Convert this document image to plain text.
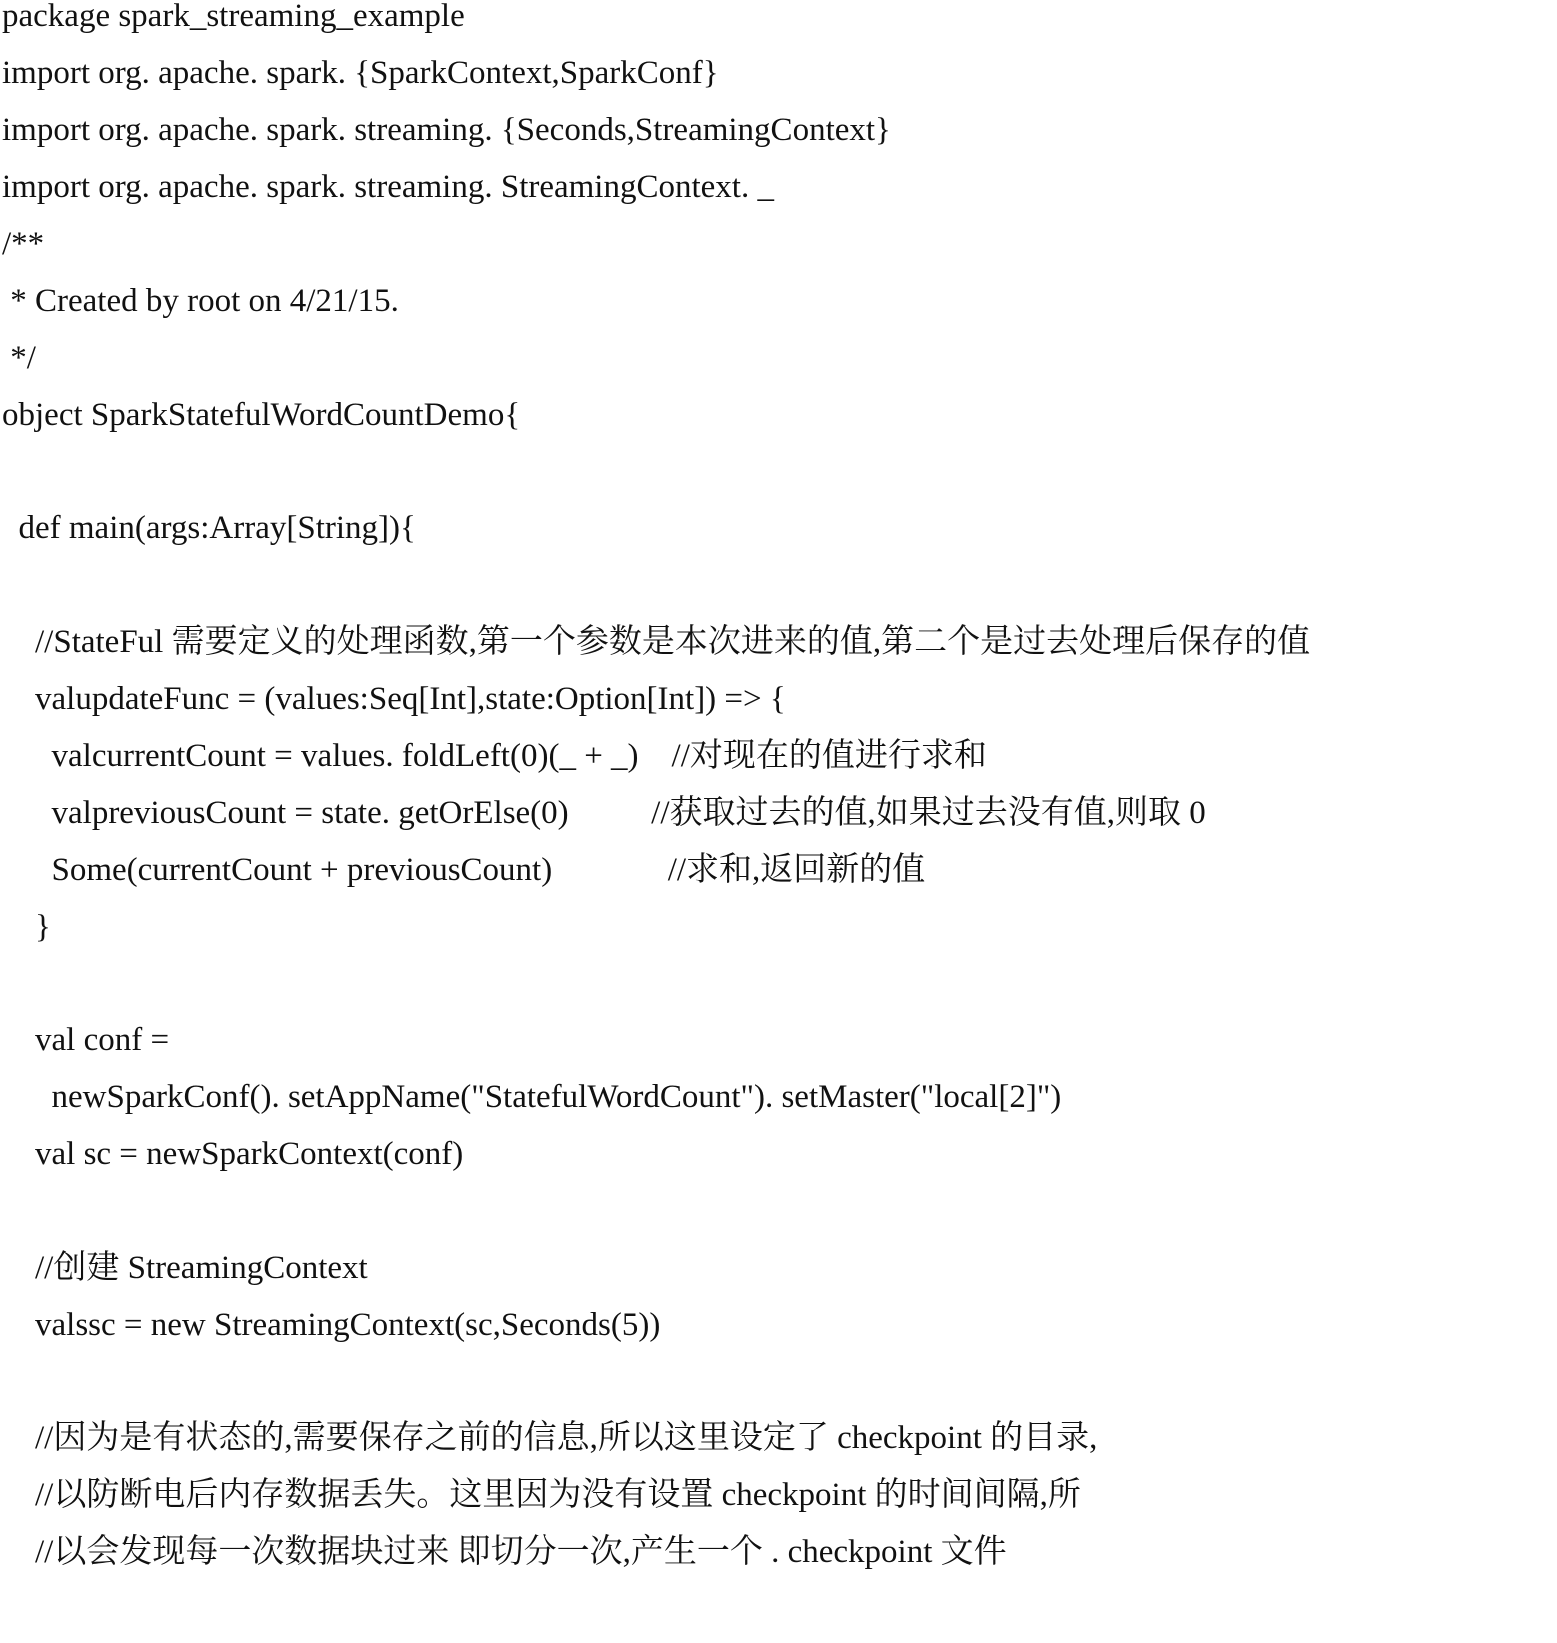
package spark_streaming_example
import org. apache. spark. {SparkContext,SparkConf}
import org. apache. spark. streaming. {Seconds,StreamingContext}
import org. apache. spark. streaming. StreamingContext. _
/**
* Created by root on 4/21/15.
*/
object SparkStatefulWordCountDemo{
def main(args:Array[String]){
//StateFul 需要定义的处理函数,第一个参数是本次进来的值,第二个是过去处理后保存的值
valupdateFunc = (values:Seq[Int],state:Option[Int]) => {
valcurrentCount = values. foldLeft(0)(_ + _)    //对现在的值进行求和
valpreviousCount = state. getOrElse(0)          //获取过去的值,如果过去没有值,则取 0
Some(currentCount + previousCount)              //求和,返回新的值
}
val conf =
newSparkConf(). setAppName("StatefulWordCount"). setMaster("local[2]")
val sc = newSparkContext(conf)
//创建 StreamingContext
valssc = new StreamingContext(sc,Seconds(5))
//因为是有状态的,需要保存之前的信息,所以这里设定了 checkpoint 的目录,
//以防断电后内存数据丢失。这里因为没有设置 checkpoint 的时间间隔,所
//以会发现每一次数据块过来 即切分一次,产生一个 . checkpoint 文件
